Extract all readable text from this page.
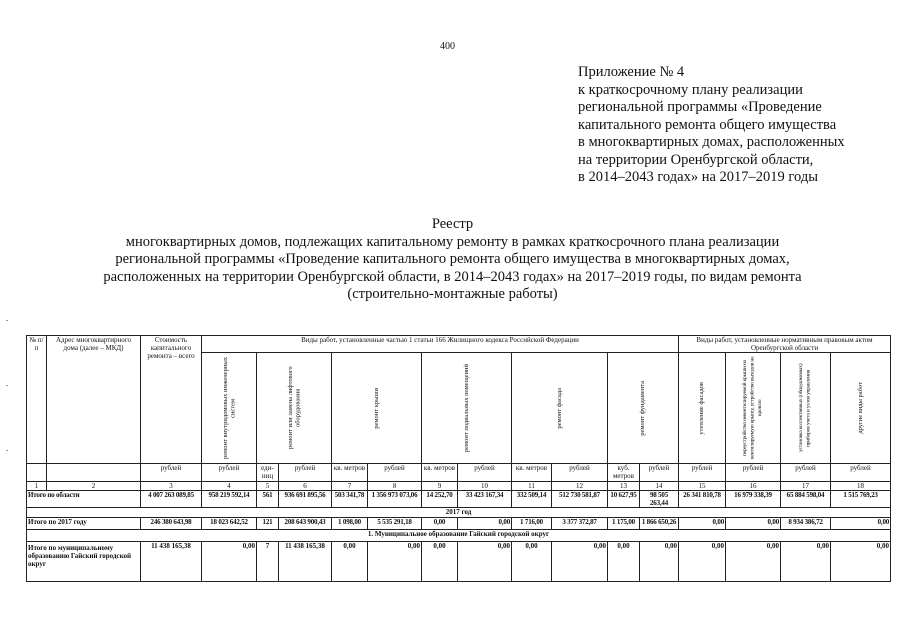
400
Приложение № 4
к краткосрочному плану реализации
региональной программы «Проведение
капитального ремонта общего имущества
в многоквартирных домах, расположенных
на территории Оренбургской области,
в 2014–2043 годах» на 2017–2019 годы
Реестр
многоквартирных домов, подлежащих капитальному ремонту в рамках краткосрочного плана реализации
региональной программы «Проведение капитального ремонта общего имущества в многоквартирных домах,
расположенных на территории Оренбургской области, в 2014–2043 годах» на 2017–2019 годы, по видам ремонта
(строительно-монтажные работы)
№ п/п	Адрес многоквартирного дома (далее – МКД)	Стоимость капитального ремонта – всего	Виды работ, установленные частью 1 статьи 166 Жилищного кодекса Российской Федерации											Виды работ, установленные нормативным правовым актом Оренбургской области			

			ремонт внутридомовых инженерных систем	ремонт или замена лифтового оборудования		ремонт крыши		ремонт подвальных помещений		ремонт фасада		ремонт фундамента		утепление фасадов	переустройство невентилируемой крыши на вентилируемую крышу, устройство выходов на кровлю	установка коллективных (общедомовых) приборов учета и узлов управления	другие виды работ

		рублей	рублей	еди-ниц	рублей	кв. метров	рублей	кв. метров	рублей	кв. метров	рублей	куб. метров	рублей	рублей	рублей	рублей	рублей
1	2	3	4	5	6	7	8	9	10	11	12	13	14	15	16	17	18
Итого по области		4 007 263 089,85	958 219 592,14	561	936 691 895,56	503 341,78	1 356 973 073,06	14 252,70	33 423 167,34	332 509,14	512 730 581,87	10 627,95	98 505 263,44	26 341 810,78	16 979 338,39	65 884 598,04	1 515 769,23
2017 год																	
Итого по 2017 году		246 380 643,98	18 023 642,52	121	208 643 900,43	1 098,00	5 535 291,18	0,00	0,00	1 716,00	3 377 372,87	1 175,00	1 866 650,26	0,00	0,00	8 934 386,72	0,00
1. Муниципальное образование Гайский городской округ																	
Итого по муниципальному образованию Гайский городской округ		11 438 165,38	0,00	7	11 438 165,38	0,00	0,00	0,00	0,00	0,00	0,00	0,00	0,00	0,00	0,00	0,00	0,00
